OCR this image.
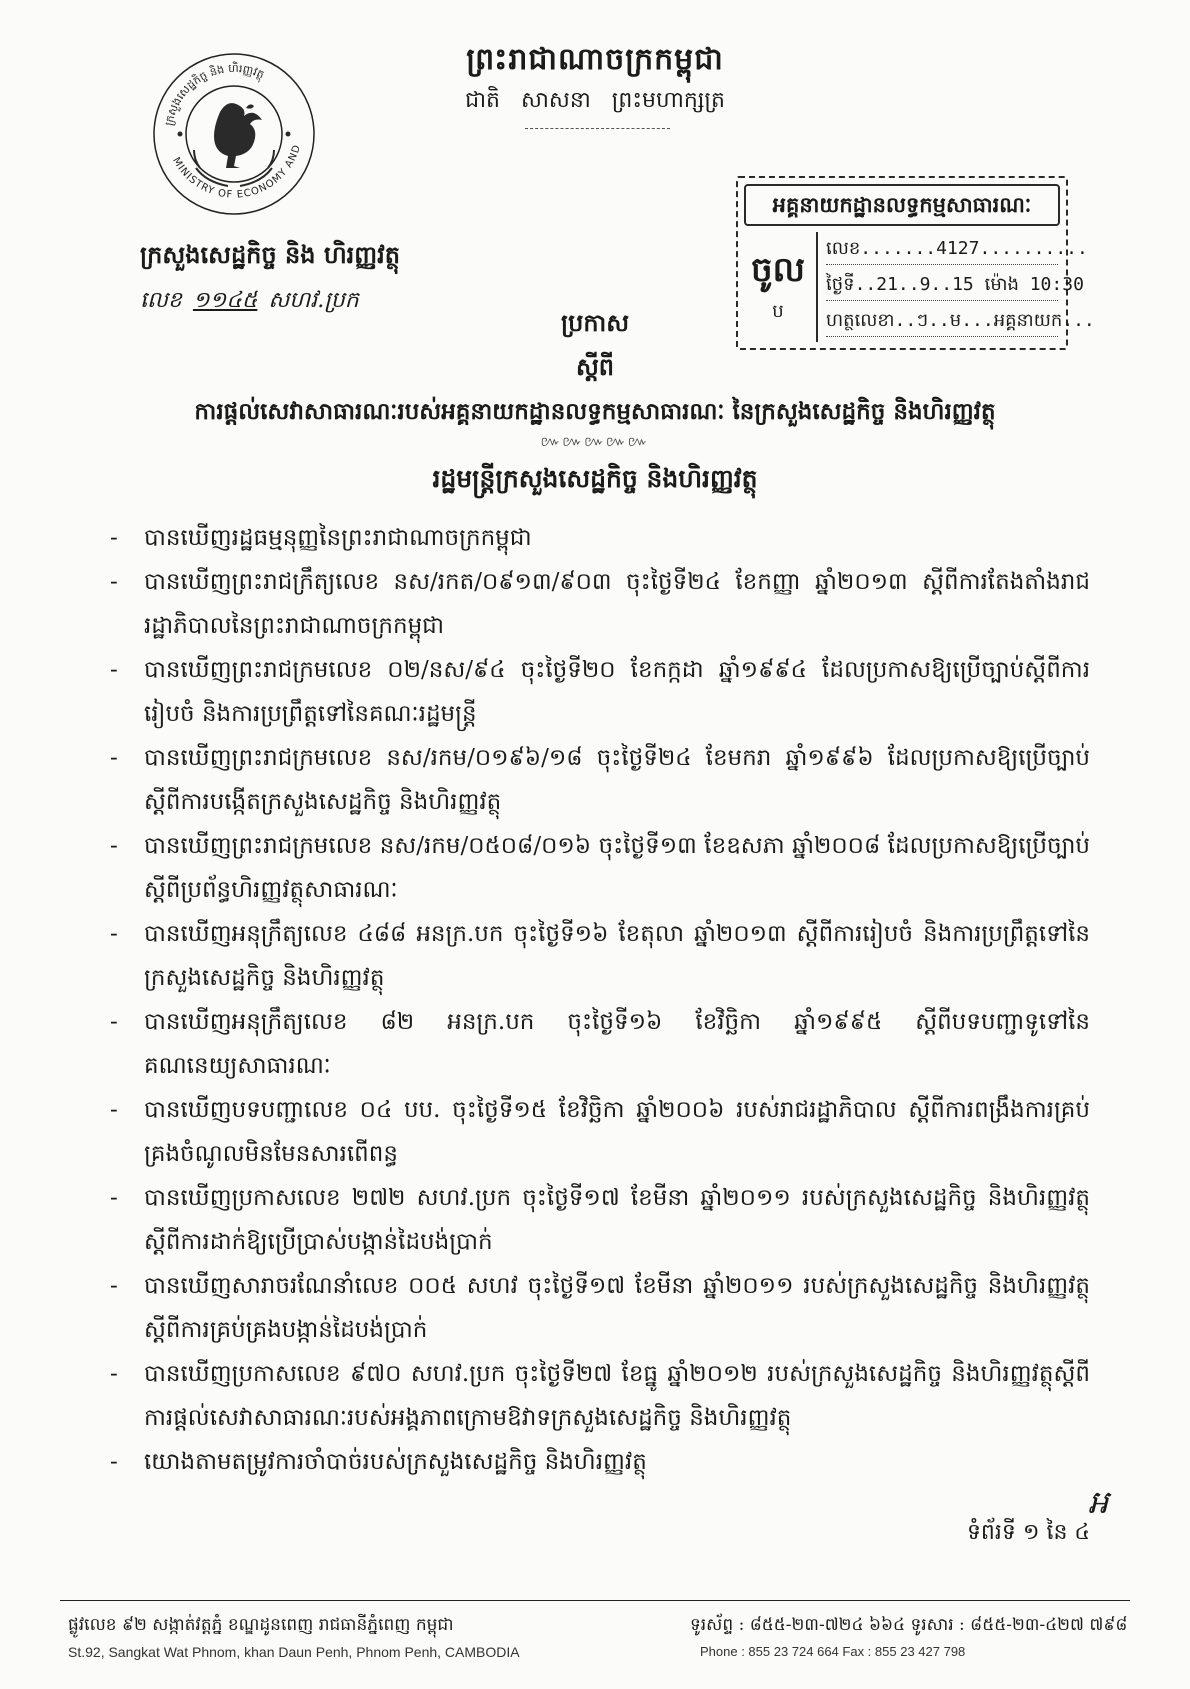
ព្រះរាជាណាចក្រកម្ពុជា
ជាតិ សាសនា ព្រះមហាក្សត្រ
ក្រសួងសេដ្ឋកិច្ច និង ហិរញ្ញវត្ថុ
MINISTRY OF ECONOMY AND
ក្រសួងសេដ្ឋកិច្ច និង ហិរញ្ញវត្ថុ
លេខ ១១៤៥ សហវ.ប្រក
អគ្គនាយកដ្ឋានលទ្ធកម្មសាធារណៈ
ចូល
ប
លេខ.......4127..........
ថ្ងៃទី..21..9..15 ម៉ោង 10:30
ហត្ថលេខា..ៗ..ម...អគ្គនាយក...
ប្រកាស
ស្ដីពី
ការផ្ដល់សេវាសាធារណៈរបស់អគ្គនាយកដ្ឋានលទ្ធកម្មសាធារណៈ នៃក្រសួងសេដ្ឋកិច្ច និងហិរញ្ញវត្ថុ
៚៚៚៚៚
រដ្ឋមន្ត្រីក្រសួងសេដ្ឋកិច្ច និងហិរញ្ញវត្ថុ
- បានឃើញរដ្ឋធម្មនុញ្ញនៃព្រះរាជាណាចក្រកម្ពុជា
- បានឃើញព្រះរាជក្រឹត្យលេខ នស/រកត/០៩១៣/៩០៣ ចុះថ្ងៃទី២៤ ខែកញ្ញា ឆ្នាំ២០១៣ ស្ដីពីការតែងតាំងរាជរដ្ឋាភិបាលនៃព្រះរាជាណាចក្រកម្ពុជា
- បានឃើញព្រះរាជក្រមលេខ ០២/នស/៩៤ ចុះថ្ងៃទី២០ ខែកក្កដា ឆ្នាំ១៩៩៤ ដែលប្រកាសឱ្យប្រើច្បាប់ស្ដីពីការរៀបចំ និងការប្រព្រឹត្តទៅនៃគណៈរដ្ឋមន្ត្រី
- បានឃើញព្រះរាជក្រមលេខ នស/រកម/០១៩៦/១៨ ចុះថ្ងៃទី២៤ ខែមករា ឆ្នាំ១៩៩៦ ដែលប្រកាសឱ្យប្រើច្បាប់ស្ដីពីការបង្កើតក្រសួងសេដ្ឋកិច្ច និងហិរញ្ញវត្ថុ
- បានឃើញព្រះរាជក្រមលេខ នស/រកម/០៥០៨/០១៦ ចុះថ្ងៃទី១៣ ខែឧសភា ឆ្នាំ២០០៨ ដែលប្រកាសឱ្យប្រើច្បាប់ស្ដីពីប្រព័ន្ធហិរញ្ញវត្ថុសាធារណៈ
- បានឃើញអនុក្រឹត្យលេខ ៤៨៨ អនក្រ.បក ចុះថ្ងៃទី១៦ ខែតុលា ឆ្នាំ២០១៣ ស្ដីពីការរៀបចំ និងការប្រព្រឹត្តទៅនៃក្រសួងសេដ្ឋកិច្ច និងហិរញ្ញវត្ថុ
- បានឃើញអនុក្រឹត្យលេខ ៨២ អនក្រ.បក ចុះថ្ងៃទី១៦ ខែវិច្ឆិកា ឆ្នាំ១៩៩៥ ស្ដីពីបទបញ្ជាទូទៅនៃគណនេយ្យសាធារណៈ
- បានឃើញបទបញ្ជាលេខ ០៤ បប. ចុះថ្ងៃទី១៥ ខែវិច្ឆិកា ឆ្នាំ២០០៦ របស់រាជរដ្ឋាភិបាល ស្ដីពីការពង្រឹងការគ្រប់គ្រងចំណូលមិនមែនសារពើពន្ធ
- បានឃើញប្រកាសលេខ ២៧២ សហវ.ប្រក ចុះថ្ងៃទី១៧ ខែមីនា ឆ្នាំ២០១១ របស់ក្រសួងសេដ្ឋកិច្ច និងហិរញ្ញវត្ថុស្ដីពីការដាក់ឱ្យប្រើប្រាស់បង្កាន់ដៃបង់ប្រាក់
- បានឃើញសារាចរណែនាំលេខ ០០៥ សហវ ចុះថ្ងៃទី១៧ ខែមីនា ឆ្នាំ២០១១ របស់ក្រសួងសេដ្ឋកិច្ច និងហិរញ្ញវត្ថុស្ដីពីការគ្រប់គ្រងបង្កាន់ដៃបង់ប្រាក់
- បានឃើញប្រកាសលេខ ៩៧០ សហវ.ប្រក ចុះថ្ងៃទី២៧ ខែធ្នូ ឆ្នាំ២០១២ របស់ក្រសួងសេដ្ឋកិច្ច និងហិរញ្ញវត្ថុស្ដីពីការផ្ដល់សេវាសាធារណៈរបស់អង្គភាពក្រោមឱវាទក្រសួងសេដ្ឋកិច្ច និងហិរញ្ញវត្ថុ
- យោងតាមតម្រូវការចាំបាច់របស់ក្រសួងសេដ្ឋកិច្ច និងហិរញ្ញវត្ថុ
អ
ទំព័រទី ១ នៃ ៤
ផ្លូវលេខ ៩២ សង្កាត់វត្តភ្នំ ខណ្ឌដូនពេញ រាជធានីភ្នំពេញ កម្ពុជា
St.92, Sangkat Wat Phnom, khan Daun Penh, Phnom Penh, CAMBODIA
ទូរស័ព្ទ : ៨៥៥-២៣-៧២៤ ៦៦៤ ទូរសារ : ៨៥៥-២៣-៤២៧ ៧៩៨
Phone : 855 23 724 664 Fax : 855 23 427 798
